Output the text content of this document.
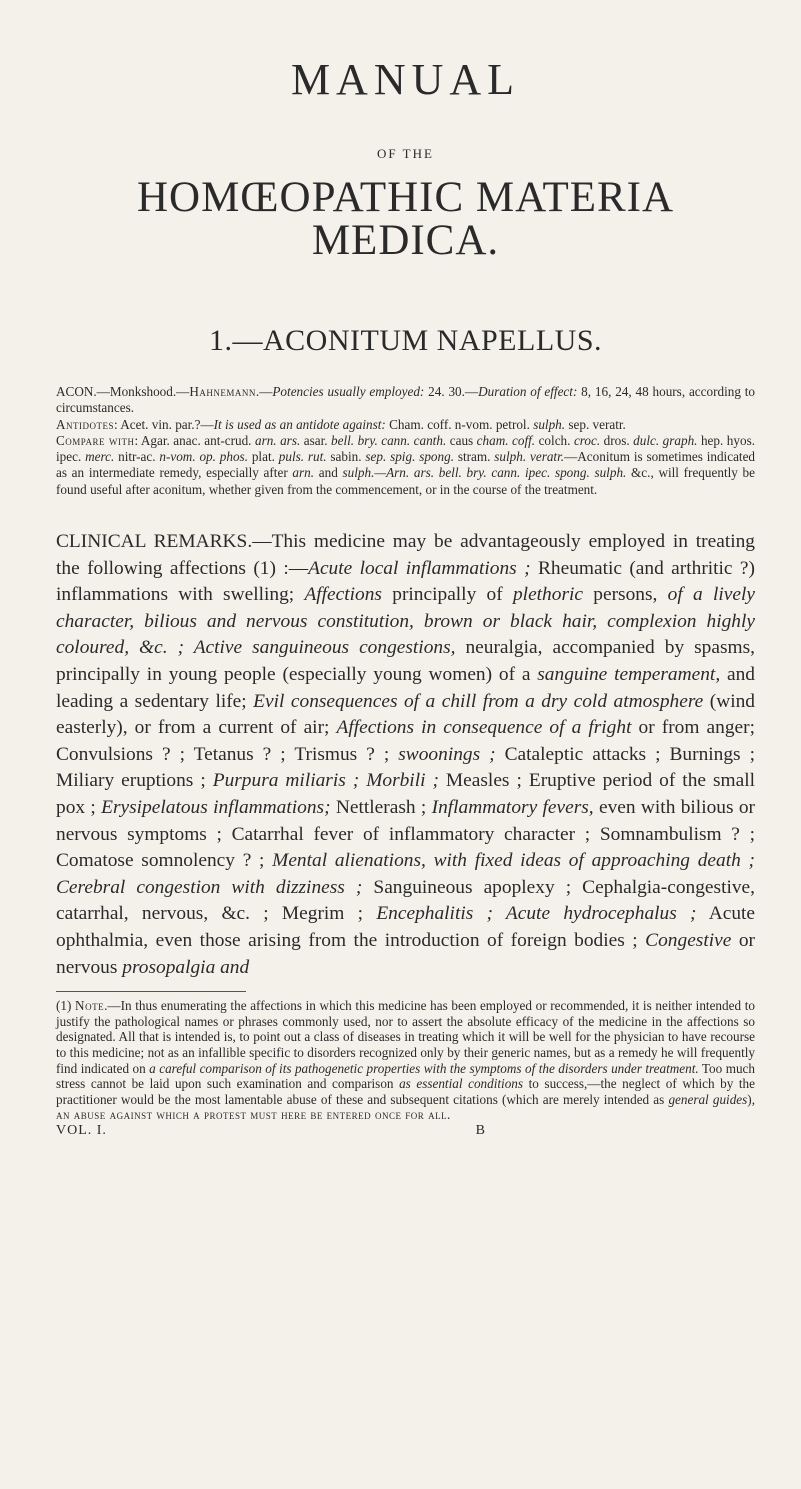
MANUAL
OF THE
HOMŒOPATHIC MATERIA MEDICA.
1.—ACONITUM NAPELLUS.

ACON.—Monkshood.—Hahnemann.—Potencies usually employed: 24. 30.—Duration of effect: 8, 16, 24, 48 hours, according to circumstances.

Antidotes: Acet. vin. par.?—It is used as an antidote against: Cham. coff. n-vom. petrol. sulph. sep. veratr.

Compare with: Agar. anac. ant-crud. arn. ars. asar. bell. bry. cann. canth. caus cham. coff. colch. croc. dros. dulc. graph. hep. hyos. ipec. merc. nitr-ac. n-vom. op. phos. plat. puls. rut. sabin. sep. spig. spong. stram. sulph. veratr.—Aconitum is sometimes indicated as an intermediate remedy, especially after arn. and sulph.—Arn. ars. bell. bry. cann. ipec. spong. sulph. &c., will frequently be found useful after aconitum, whether given from the commencement, or in the course of the treatment.

CLINICAL REMARKS.—This medicine may be advantageously employed in treating the following affections (1) :—Acute local inflammations ; Rheumatic (and arthritic ?) inflammations with swelling; Affections principally of plethoric persons, of a lively character, bilious and nervous constitution, brown or black hair, complexion highly coloured, &c. ; Active sanguineous congestions, neuralgia, accompanied by spasms, principally in young people (especially young women) of a sanguine temperament, and leading a sedentary life; Evil consequences of a chill from a dry cold atmosphere (wind easterly), or from a current of air; Affections in consequence of a fright or from anger; Convulsions ? ; Tetanus ? ; Trismus ? ; swoonings ; Cataleptic attacks ; Burnings ; Miliary eruptions ; Purpura miliaris ; Morbili ; Measles ; Eruptive period of the small pox ; Erysipelatous inflammations; Nettlerash ; Inflammatory fevers, even with bilious or nervous symptoms ; Catarrhal fever of inflammatory character ; Somnambulism ? ; Comatose somnolency ? ; Mental alienations, with fixed ideas of approaching death ; Cerebral congestion with dizziness ; Sanguineous apoplexy ; Cephalgia-congestive, catarrhal, nervous, &c. ; Megrim ; Encephalitis ; Acute hydrocephalus ; Acute ophthalmia, even those arising from the introduction of foreign bodies ; Congestive or nervous prosopalgia and

(1) Note.—In thus enumerating the affections in which this medicine has been employed or recommended, it is neither intended to justify the pathological names or phrases commonly used, nor to assert the absolute efficacy of the medicine in the affections so designated. All that is intended is, to point out a class of diseases in treating which it will be well for the physician to have recourse to this medicine; not as an infallible specific to disorders recognized only by their generic names, but as a remedy he will frequently find indicated on a careful comparison of its pathogenetic properties with the symptoms of the disorders under treatment. Too much stress cannot be laid upon such examination and comparison as essential conditions to success,—the neglect of which by the practitioner would be the most lamentable abuse of these and subsequent citations (which are merely intended as general guides), an abuse against which a protest must here be entered once for all.

VOL. I.	B
